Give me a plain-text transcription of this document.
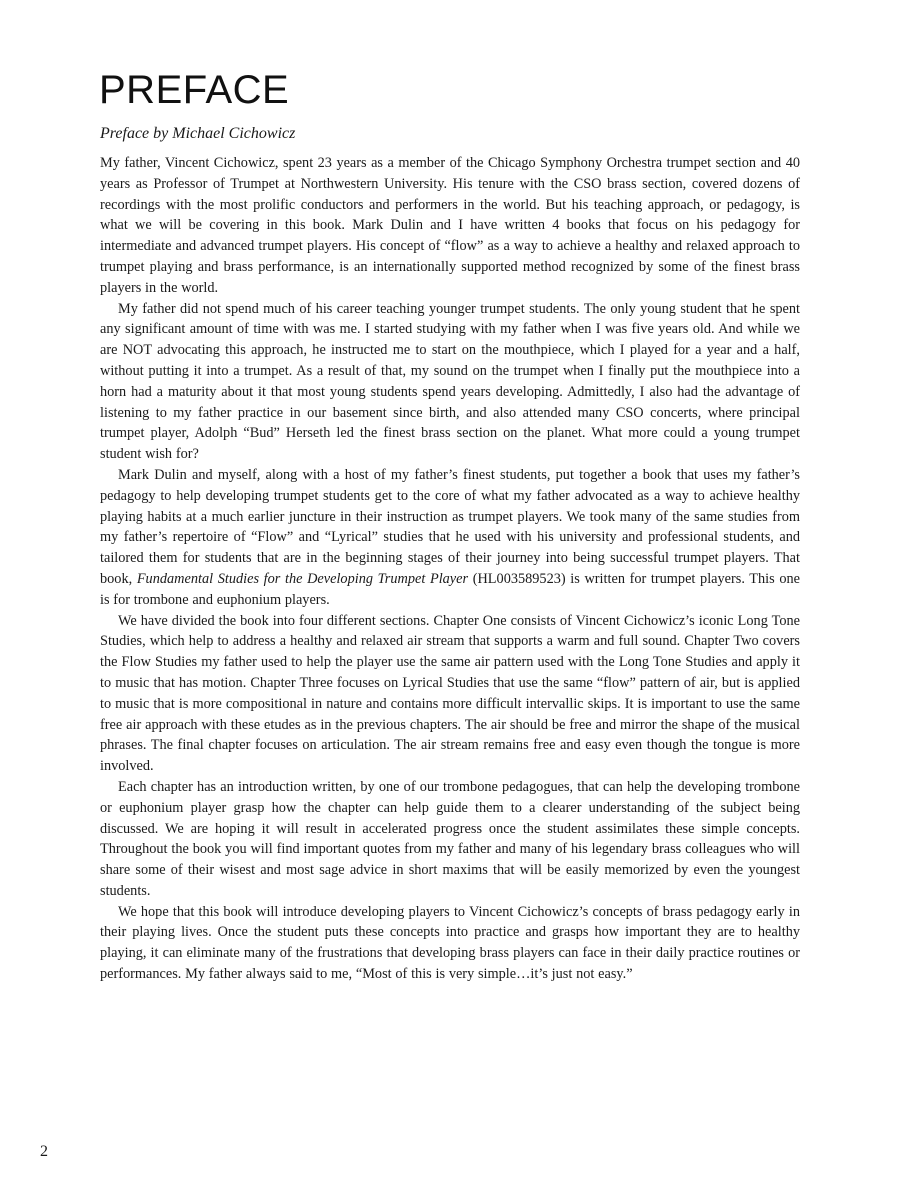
PREFACE
Preface by Michael Cichowicz

My father, Vincent Cichowicz, spent 23 years as a member of the Chicago Symphony Orchestra trumpet section and 40 years as Professor of Trumpet at Northwestern University. His tenure with the CSO brass section, covered dozens of recordings with the most prolific conductors and performers in the world. But his teaching approach, or pedagogy, is what we will be covering in this book. Mark Dulin and I have written 4 books that focus on his pedagogy for intermediate and advanced trumpet players. His concept of “flow” as a way to achieve a healthy and relaxed approach to trumpet playing and brass performance, is an internationally supported method recognized by some of the finest brass players in the world.

My father did not spend much of his career teaching younger trumpet students. The only young student that he spent any significant amount of time with was me. I started studying with my father when I was five years old. And while we are NOT advocating this approach, he instructed me to start on the mouthpiece, which I played for a year and a half, without putting it into a trumpet. As a result of that, my sound on the trumpet when I finally put the mouthpiece into a horn had a maturity about it that most young students spend years developing. Admittedly, I also had the advantage of listening to my father practice in our basement since birth, and also attended many CSO concerts, where principal trumpet player, Adolph “Bud” Herseth led the finest brass section on the planet. What more could a young trumpet student wish for?

Mark Dulin and myself, along with a host of my father’s finest students, put together a book that uses my father’s pedagogy to help developing trumpet students get to the core of what my father advocated as a way to achieve healthy playing habits at a much earlier juncture in their instruction as trumpet players. We took many of the same studies from my father’s repertoire of “Flow” and “Lyrical” studies that he used with his university and professional students, and tailored them for students that are in the beginning stages of their journey into being successful trumpet players. That book, Fundamental Studies for the Developing Trumpet Player (HL003589523) is written for trumpet players. This one is for trombone and euphonium players.

We have divided the book into four different sections. Chapter One consists of Vincent Cichowicz’s iconic Long Tone Studies, which help to address a healthy and relaxed air stream that supports a warm and full sound. Chapter Two covers the Flow Studies my father used to help the player use the same air pattern used with the Long Tone Studies and apply it to music that has motion. Chapter Three focuses on Lyrical Studies that use the same “flow” pattern of air, but is applied to music that is more compositional in nature and contains more difficult intervallic skips. It is important to use the same free air approach with these etudes as in the previous chapters. The air should be free and mirror the shape of the musical phrases. The final chapter focuses on articulation. The air stream remains free and easy even though the tongue is more involved.

Each chapter has an introduction written, by one of our trombone pedagogues, that can help the developing trombone or euphonium player grasp how the chapter can help guide them to a clearer understanding of the subject being discussed. We are hoping it will result in accelerated progress once the student assimilates these simple concepts. Throughout the book you will find important quotes from my father and many of his legendary brass colleagues who will share some of their wisest and most sage advice in short maxims that will be easily memorized by even the youngest students.

We hope that this book will introduce developing players to Vincent Cichowicz’s concepts of brass pedagogy early in their playing lives. Once the student puts these concepts into practice and grasps how important they are to healthy playing, it can eliminate many of the frustrations that developing brass players can face in their daily practice routines or performances. My father always said to me, “Most of this is very simple…it’s just not easy.”

2
